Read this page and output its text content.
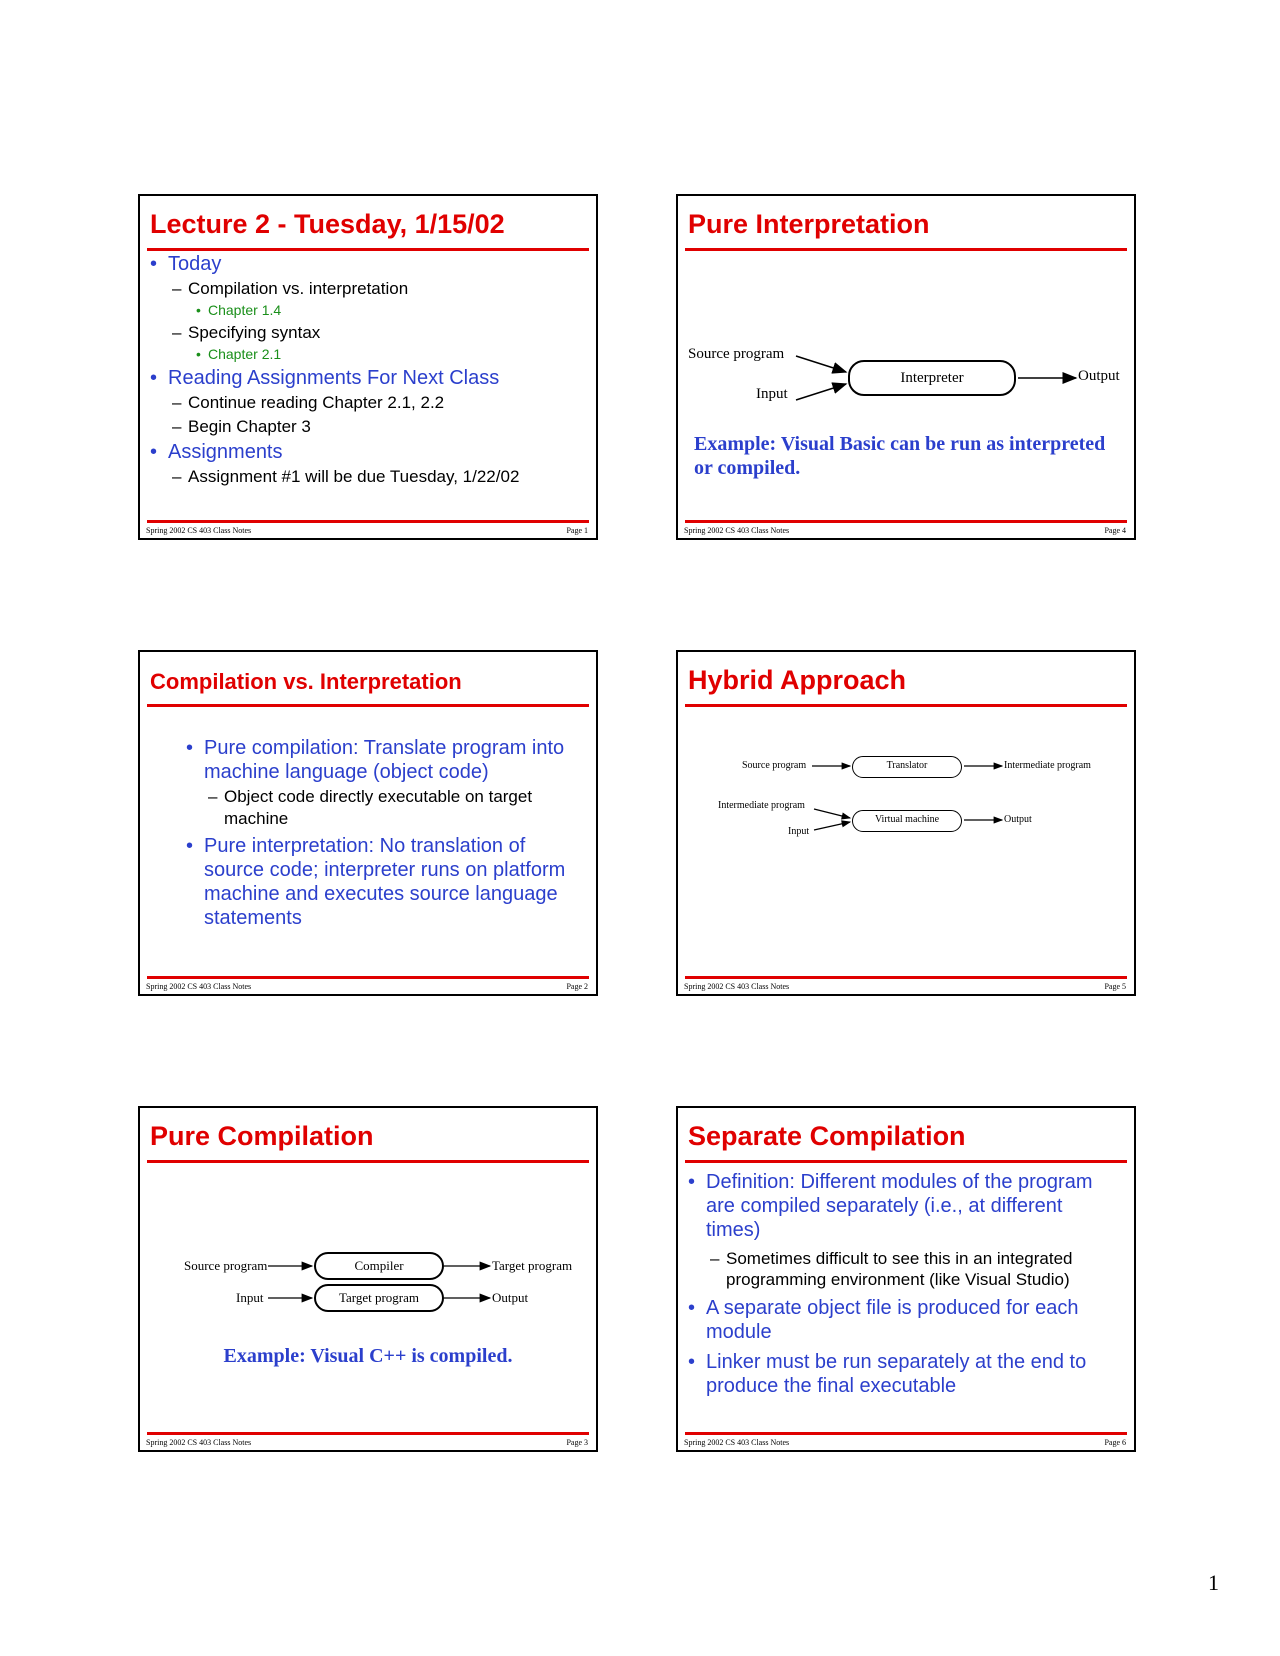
Lecture 2 - Tuesday, 1/15/02
• Today
– Compilation vs. interpretation
• Chapter 1.4
– Specifying syntax
• Chapter 2.1
• Reading Assignments For Next Class
– Continue reading Chapter 2.1, 2.2
– Begin Chapter 3
• Assignments
– Assignment #1 will be due Tuesday, 1/22/02
Spring 2002 CS 403 Class Notes	Page 1
Pure Interpretation
Source program
Input
Interpreter	Output
Example: Visual Basic can be run as interpreted or compiled.
Spring 2002 CS 403 Class Notes	Page 4
Compilation vs. Interpretation
• Pure compilation: Translate program into machine language (object code)
– Object code directly executable on target machine
• Pure interpretation: No translation of source code; interpreter runs on platform machine and executes source language statements
Spring 2002 CS 403 Class Notes	Page 2
Hybrid Approach
Source program	Translator	Intermediate program
Intermediate program
Input
Virtual machine	Output
Spring 2002 CS 403 Class Notes	Page 5
Pure Compilation
Source program	Compiler	Target program
Input	Target program	Output
Example: Visual C++ is compiled.
Spring 2002 CS 403 Class Notes	Page 3
Separate Compilation
• Definition: Different modules of the program are compiled separately (i.e., at different times)
– Sometimes difficult to see this in an integrated programming environment (like Visual Studio)
• A separate object file is produced for each module
• Linker must be run separately at the end to produce the final executable
Spring 2002 CS 403 Class Notes	Page 6
1
